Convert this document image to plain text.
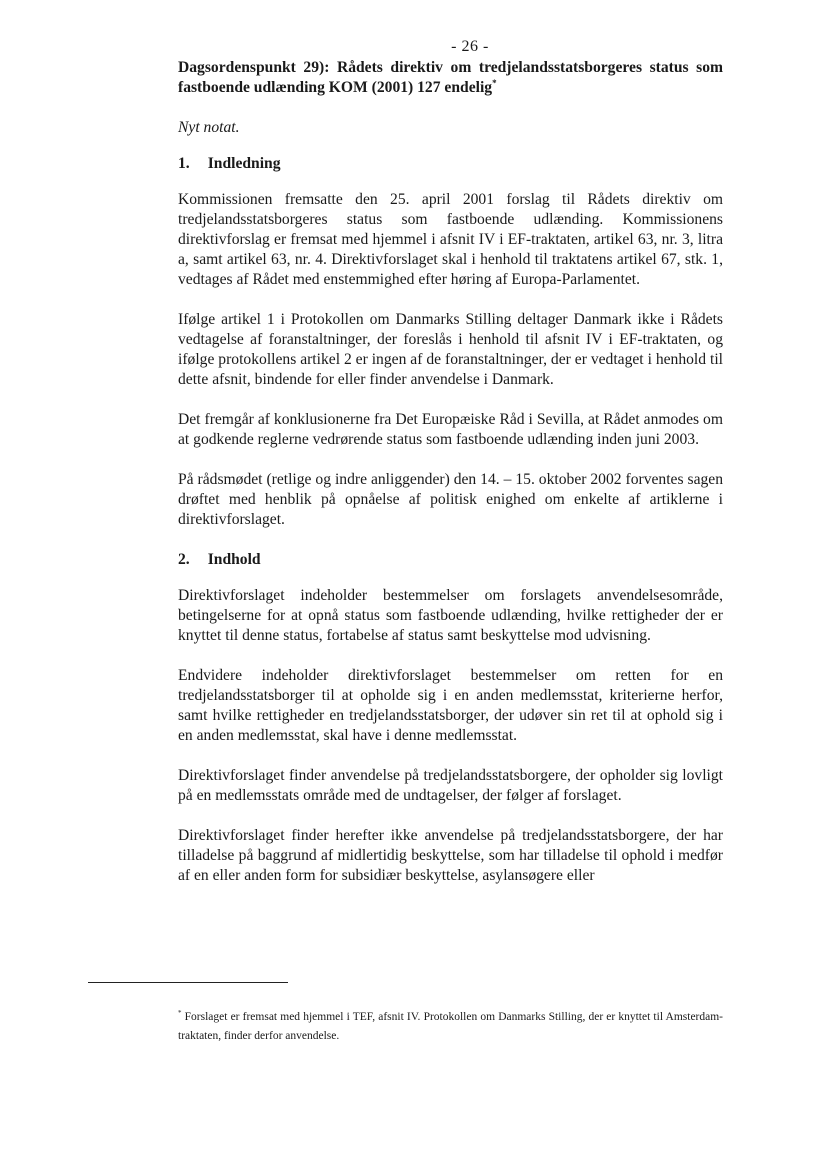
- 26 -

Dagsordenspunkt 29): Rådets direktiv om tredjelandsstatsborgeres status som fastboende udlænding KOM (2001) 127 endelig*

Nyt notat.

1. Indledning

Kommissionen fremsatte den 25. april 2001 forslag til Rådets direktiv om tredjelandsstatsborgeres status som fastboende udlænding. Kommissionens direktivforslag er fremsat med hjemmel i afsnit IV i EF-traktaten, artikel 63, nr. 3, litra a, samt artikel 63, nr. 4. Direktivforslaget skal i henhold til traktatens artikel 67, stk. 1, vedtages af Rådet med enstemmighed efter høring af Europa-Parlamentet.

Ifølge artikel 1 i Protokollen om Danmarks Stilling deltager Danmark ikke i Rådets vedtagelse af foranstaltninger, der foreslås i henhold til afsnit IV i EF-traktaten, og ifølge protokollens artikel 2 er ingen af de foranstaltninger, der er vedtaget i henhold til dette afsnit, bindende for eller finder anvendelse i Danmark.

Det fremgår af konklusionerne fra Det Europæiske Råd i Sevilla, at Rådet anmodes om at godkende reglerne vedrørende status som fastboende udlænding inden juni 2003.

På rådsmødet (retlige og indre anliggender) den 14. – 15. oktober 2002 forventes sagen drøftet med henblik på opnåelse af politisk enighed om enkelte af artiklerne i direktivforslaget.

2. Indhold

Direktivforslaget indeholder bestemmelser om forslagets anvendelsesområde, betingelserne for at opnå status som fastboende udlænding, hvilke rettigheder der er knyttet til denne status, fortabelse af status samt beskyttelse mod udvisning.

Endvidere indeholder direktivforslaget bestemmelser om retten for en tredjelandsstatsborger til at opholde sig i en anden medlemsstat, kriterierne herfor, samt hvilke rettigheder en tredjelandsstatsborger, der udøver sin ret til at ophold sig i en anden medlemsstat, skal have i denne medlemsstat.

Direktivforslaget finder anvendelse på tredjelandsstatsborgere, der opholder sig lovligt på en medlemsstats område med de undtagelser, der følger af forslaget.

Direktivforslaget finder herefter ikke anvendelse på tredjelandsstatsborgere, der har tilladelse på baggrund af midlertidig beskyttelse, som har tilladelse til ophold i medfør af en eller anden form for subsidiær beskyttelse, asylansøgere eller

* Forslaget er fremsat med hjemmel i TEF, afsnit IV. Protokollen om Danmarks Stilling, der er knyttet til Amsterdam-traktaten, finder derfor anvendelse.
